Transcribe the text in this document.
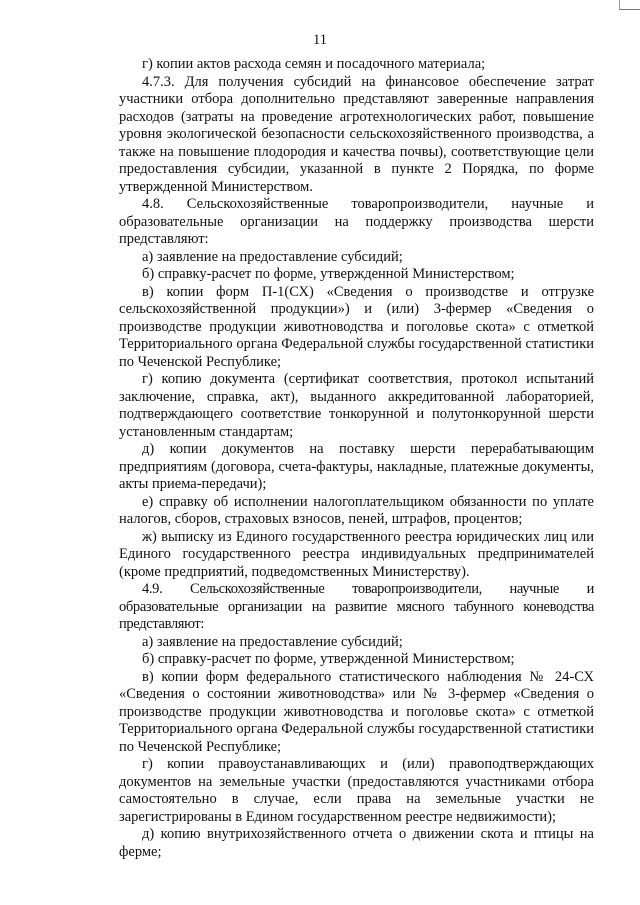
11

г) копии актов расхода семян и посадочного материала;

4.7.3. Для получения субсидий на финансовое обеспечение затрат участники отбора дополнительно представляют заверенные направления расходов (затраты на проведение агротехнологических работ, повышение уровня экологической безопасности сельскохозяйственного производства, а также на повышение плодородия и качества почвы), соответствующие цели предоставления субсидии, указанной в пункте 2 Порядка, по форме утвержденной Министерством.

4.8. Сельскохозяйственные товаропроизводители, научные и образовательные организации на поддержку производства шерсти представляют:

а) заявление на предоставление субсидий;

б) справку-расчет по форме, утвержденной Министерством;

в) копии форм П-1(СХ) «Сведения о производстве и отгрузке сельскохозяйственной продукции») и (или) 3-фермер «Сведения о производстве продукции животноводства и поголовье скота» с отметкой Территориального органа Федеральной службы государственной статистики по Чеченской Республике;

г) копию документа (сертификат соответствия, протокол испытаний заключение, справка, акт), выданного аккредитованной лабораторией, подтверждающего соответствие тонкорунной и полутонкорунной шерсти установленным стандартам;

д) копии документов на поставку шерсти перерабатывающим предприятиям (договора, счета-фактуры, накладные, платежные документы, акты приема-передачи);

е) справку об исполнении налогоплательщиком обязанности по уплате налогов, сборов, страховых взносов, пеней, штрафов, процентов;

ж) выписку из Единого государственного реестра юридических лиц или Единого государственного реестра индивидуальных предпринимателей (кроме предприятий, подведомственных Министерству).

4.9. Сельскохозяйственные товаропроизводители, научные и образовательные организации на развитие мясного табунного коневодства представляют:

а) заявление на предоставление субсидий;

б) справку-расчет по форме, утвержденной Министерством;

в) копии форм федерального статистического наблюдения № 24-СХ «Сведения о состоянии животноводства» или № 3-фермер «Сведения о производстве продукции животноводства и поголовье скота» с отметкой Территориального органа Федеральной службы государственной статистики по Чеченской Республике;

г) копии правоустанавливающих и (или) правоподтверждающих документов на земельные участки (предоставляются участниками отбора самостоятельно в случае, если права на земельные участки не зарегистрированы в Едином государственном реестре недвижимости);

д) копию внутрихозяйственного отчета о движении скота и птицы на ферме;
